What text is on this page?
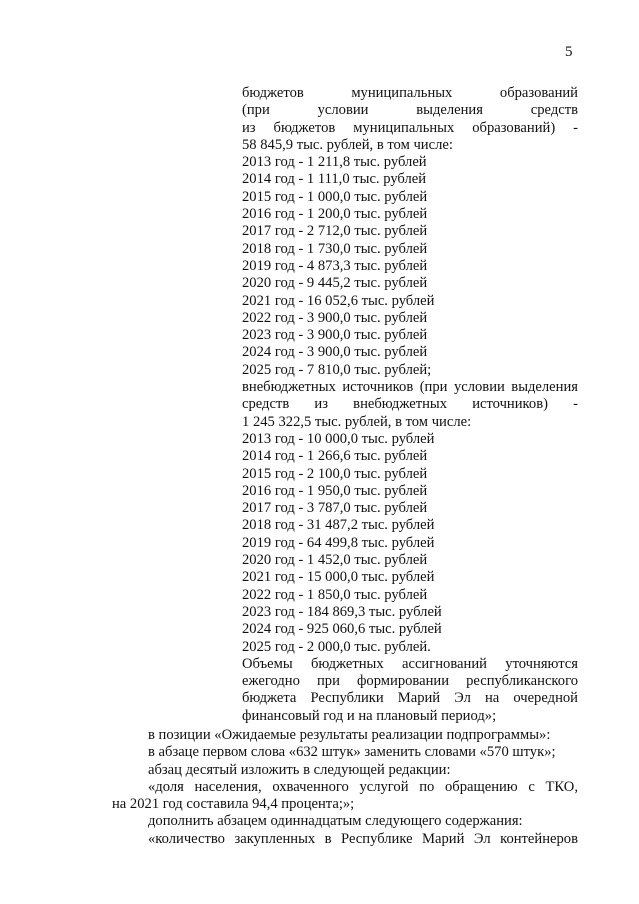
5
бюджетов муниципальных образований
(при условии выделения средств
из бюджетов муниципальных образований) -
58 845,9 тыс. рублей, в том числе:
2013 год - 1 211,8 тыс. рублей
2014 год - 1 111,0 тыс. рублей
2015 год - 1 000,0 тыс. рублей
2016 год - 1 200,0 тыс. рублей
2017 год - 2 712,0 тыс. рублей
2018 год - 1 730,0 тыс. рублей
2019 год - 4 873,3 тыс. рублей
2020 год - 9 445,2 тыс. рублей
2021 год - 16 052,6 тыс. рублей
2022 год - 3 900,0 тыс. рублей
2023 год - 3 900,0 тыс. рублей
2024 год - 3 900,0 тыс. рублей
2025 год - 7 810,0 тыс. рублей;
внебюджетных источников (при условии выделения
средств из внебюджетных источников) -
1 245 322,5 тыс. рублей, в том числе:
2013 год - 10 000,0 тыс. рублей
2014 год - 1 266,6 тыс. рублей
2015 год - 2 100,0 тыс. рублей
2016 год - 1 950,0 тыс. рублей
2017 год - 3 787,0 тыс. рублей
2018 год - 31 487,2 тыс. рублей
2019 год - 64 499,8 тыс. рублей
2020 год - 1 452,0 тыс. рублей
2021 год - 15 000,0 тыс. рублей
2022 год - 1 850,0 тыс. рублей
2023 год - 184 869,3 тыс. рублей
2024 год - 925 060,6 тыс. рублей
2025 год - 2 000,0 тыс. рублей.
Объемы бюджетных ассигнований уточняются
ежегодно при формировании республиканского
бюджета Республики Марий Эл на очередной
финансовый год и на плановый период»;
в позиции «Ожидаемые результаты реализации подпрограммы»:
в абзаце первом слова «632 штук» заменить словами «570 штук»;
абзац десятый изложить в следующей редакции:
«доля населения, охваченного услугой по обращению с ТКО,
на 2021 год составила 94,4 процента;»;
дополнить абзацем одиннадцатым следующего содержания:
«количество закупленных в Республике Марий Эл контейнеров
